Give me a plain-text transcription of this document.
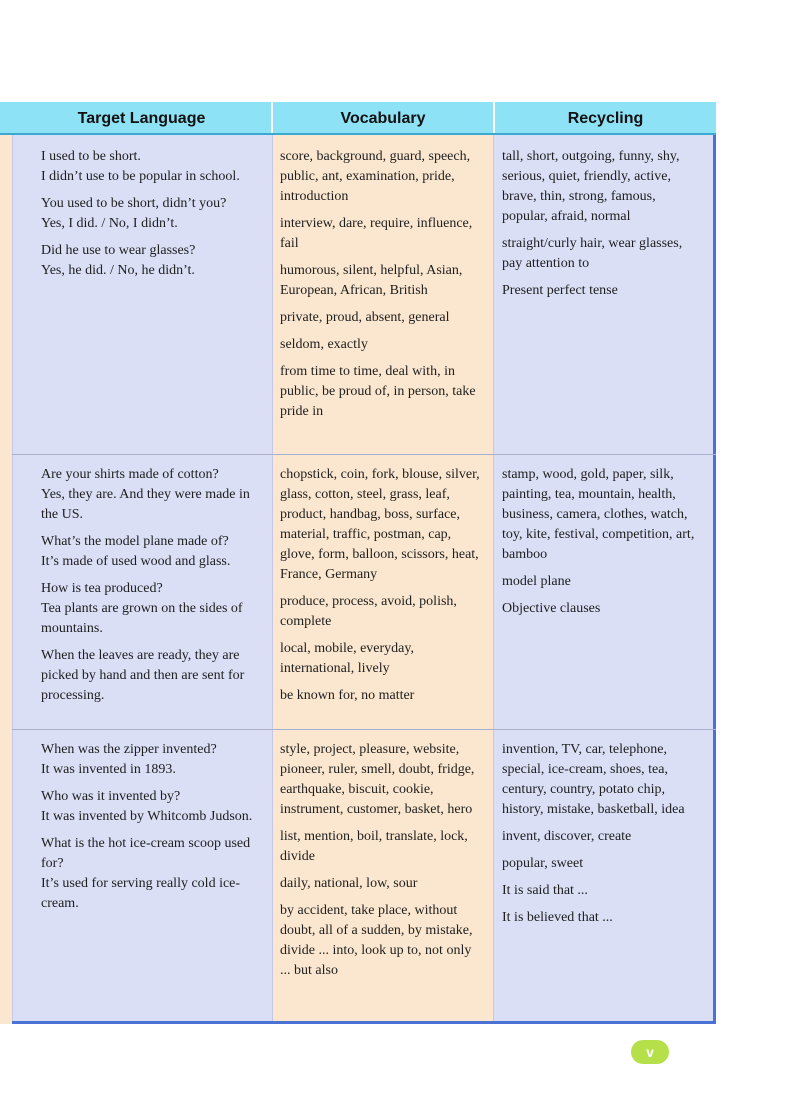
Target Language	Vocabulary	Recycling

I used to be short.
I didn’t use to be popular in school.

You used to be short, didn’t you?
Yes, I did. / No, I didn’t.

Did he use to wear glasses?
Yes, he did. / No, he didn’t.

score, background, guard, speech, public, ant, examination, pride, introduction

interview, dare, require, influence, fail

humorous, silent, helpful, Asian, European, African, British

private, proud, absent, general

seldom, exactly

from time to time, deal with, in public, be proud of, in person, take pride in

tall, short, outgoing, funny, shy, serious, quiet, friendly, active, brave, thin, strong, famous, popular, afraid, normal

straight/curly hair, wear glasses, pay attention to

Present perfect tense

Are your shirts made of cotton?
Yes, they are. And they were made in the US.

What’s the model plane made of?
It’s made of used wood and glass.

How is tea produced?
Tea plants are grown on the sides of mountains.

When the leaves are ready, they are picked by hand and then are sent for processing.

chopstick, coin, fork, blouse, silver, glass, cotton, steel, grass, leaf, product, handbag, boss, surface, material, traffic, postman, cap, glove, form, balloon, scissors, heat, France, Germany

produce, process, avoid, polish, complete

local, mobile, everyday, international, lively

be known for, no matter

stamp, wood, gold, paper, silk, painting, tea, mountain, health, business, camera, clothes, watch, toy, kite, festival, competition, art, bamboo

model plane

Objective clauses

When was the zipper invented?
It was invented in 1893.

Who was it invented by?
It was invented by Whitcomb Judson.

What is the hot ice-cream scoop used for?
It’s used for serving really cold ice-cream.

style, project, pleasure, website, pioneer, ruler, smell, doubt, fridge, earthquake, biscuit, cookie, instrument, customer, basket, hero

list, mention, boil, translate, lock, divide

daily, national, low, sour

by accident, take place, without doubt, all of a sudden, by mistake, divide ... into, look up to, not only ... but also

invention, TV, car, telephone, special, ice-cream, shoes, tea, century, country, potato chip, history, mistake, basketball, idea

invent, discover, create

popular, sweet

It is said that ...

It is believed that ...

v
